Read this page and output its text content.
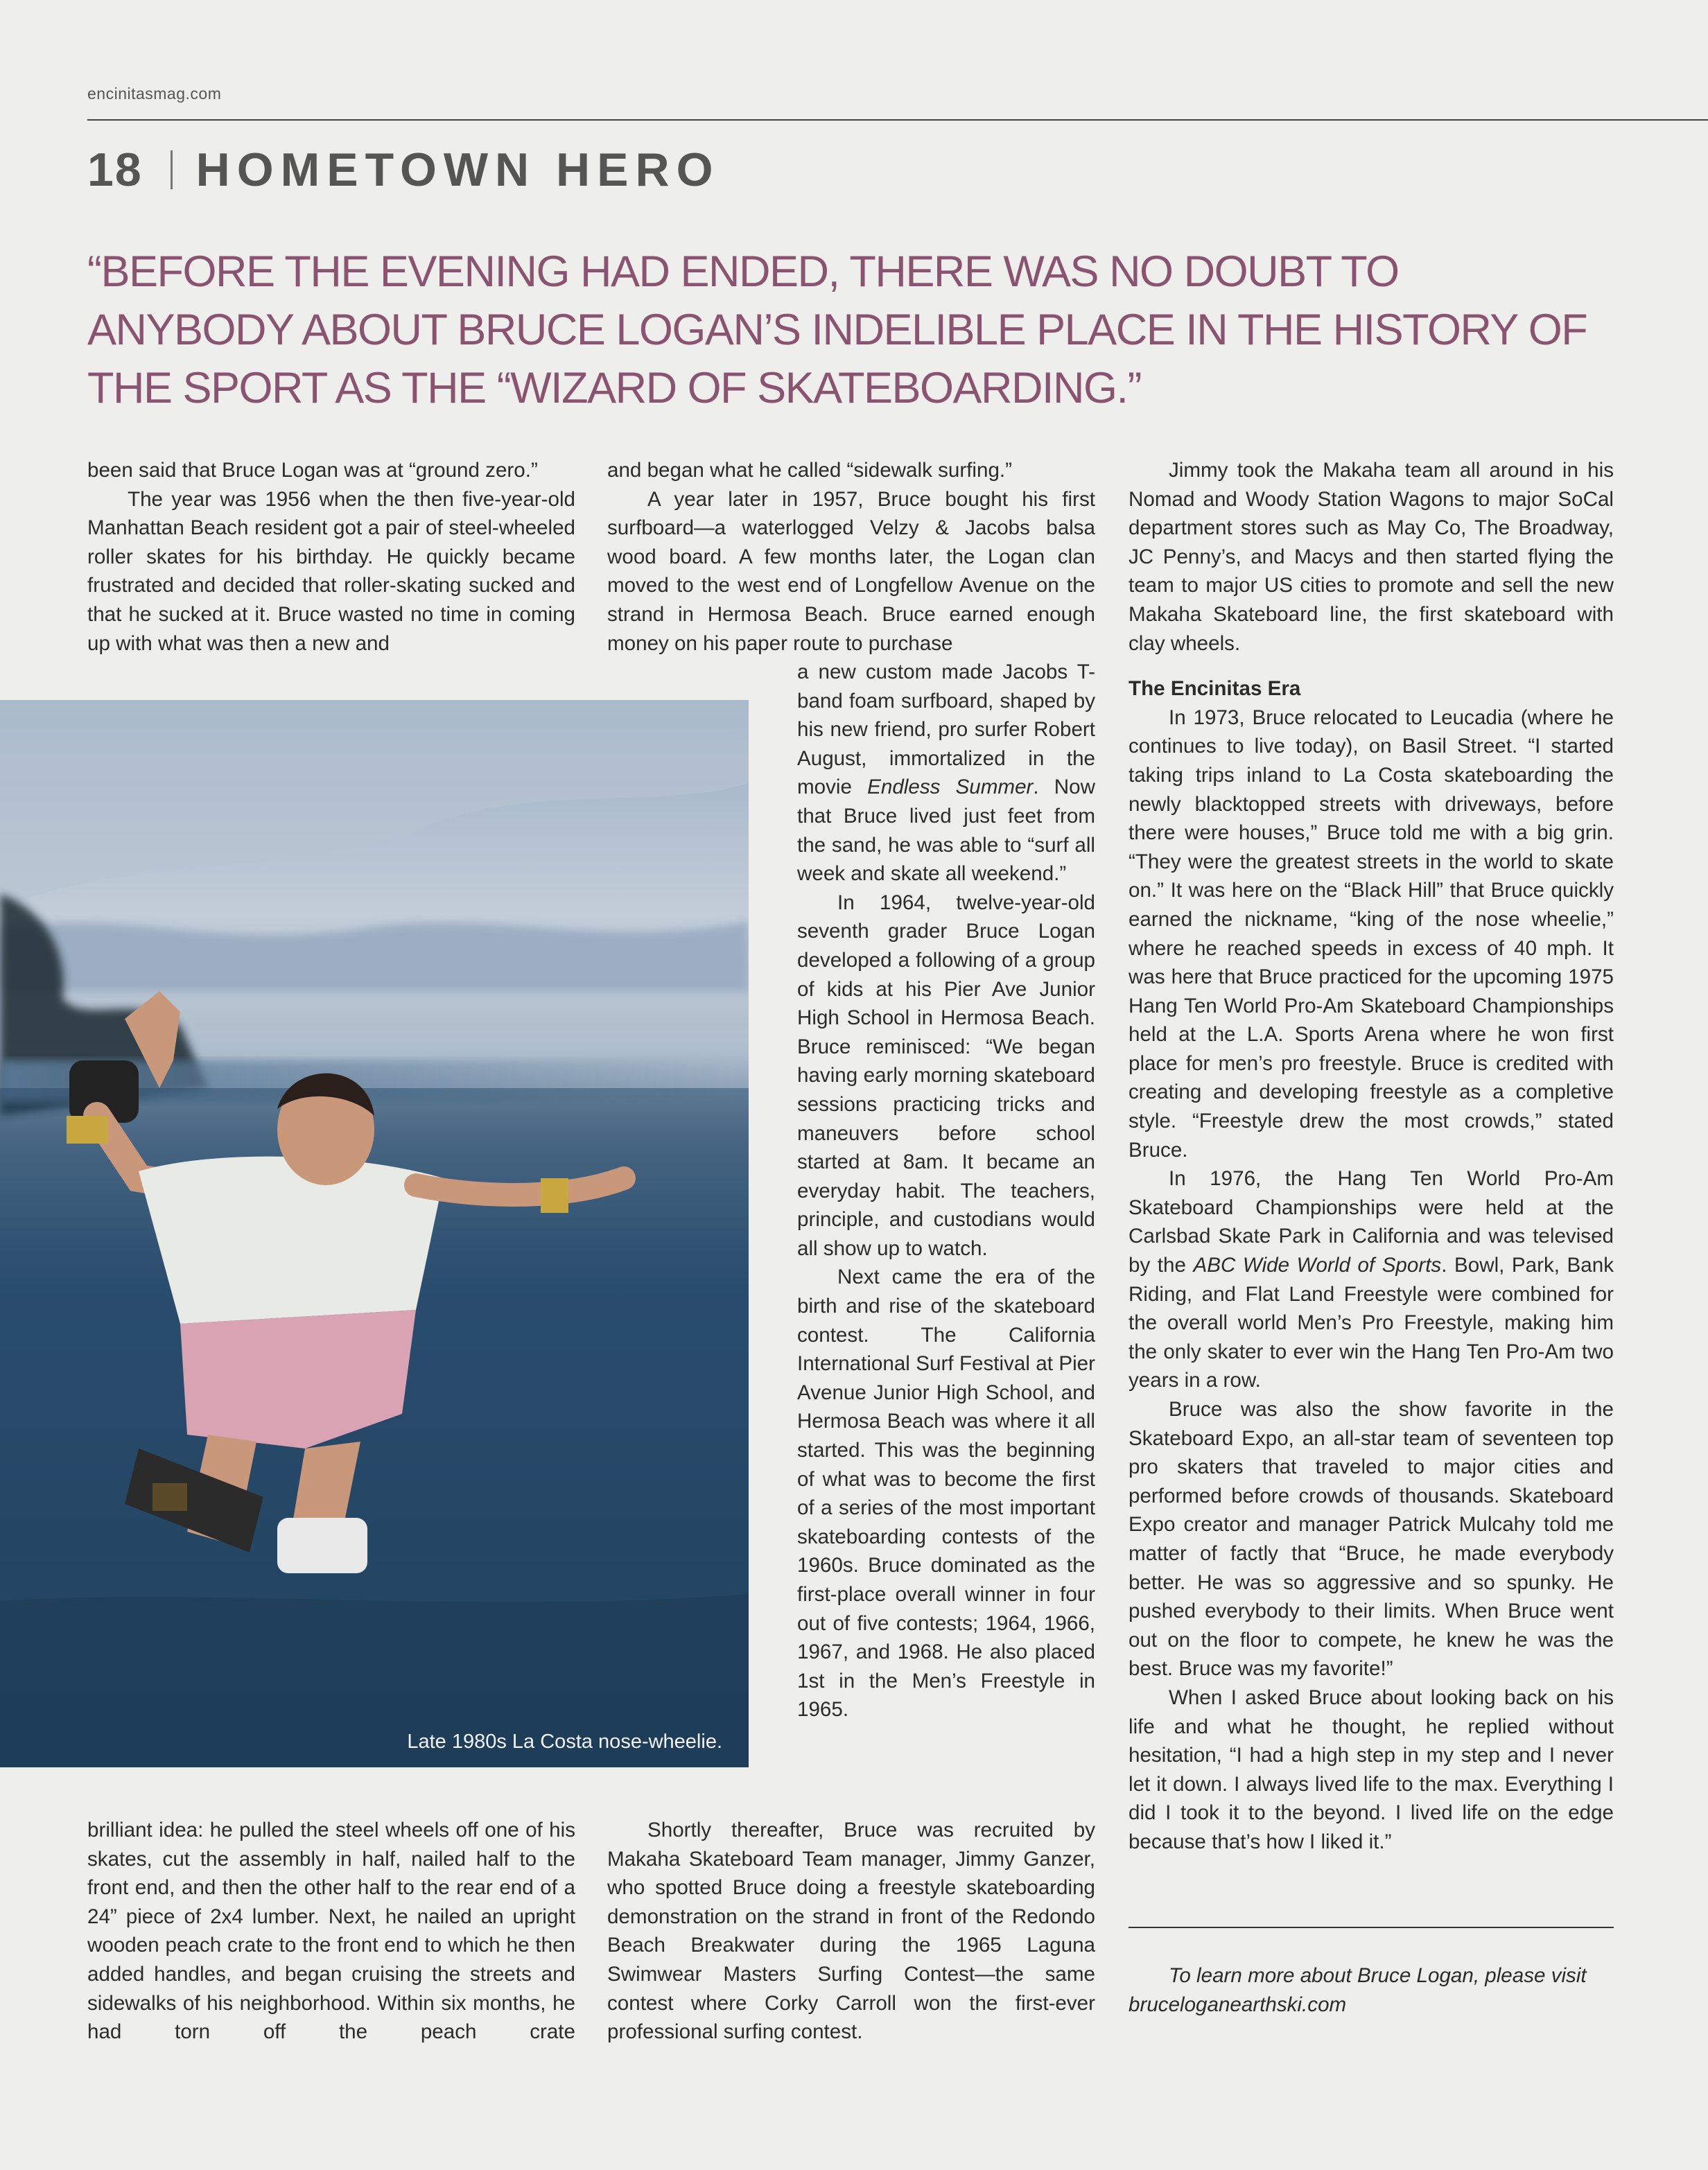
encinitasmag.com
18 HOMETOWN HERO
“BEFORE THE EVENING HAD ENDED, THERE WAS NO DOUBT TO ANYBODY ABOUT BRUCE LOGAN’S INDELIBLE PLACE IN THE HISTORY OF THE SPORT AS THE “WIZARD OF SKATEBOARDING.”

been said that Bruce Logan was at “ground zero.”

The year was 1956 when the then five-year-old Manhattan Beach resident got a pair of steel-wheeled roller skates for his birthday. He quickly became frustrated and decided that roller-skating sucked and that he sucked at it. Bruce wasted no time in coming up with what was then a new and

and began what he called “sidewalk surfing.”

A year later in 1957, Bruce bought his first surfboard—a waterlogged Velzy & Jacobs balsa wood board. A few months later, the Logan clan moved to the west end of Longfellow Avenue on the strand in Hermosa Beach. Bruce earned enough money on his paper route to purchase

Late 1980s La Costa nose-wheelie.

a new custom made Jacobs T-band foam surfboard, shaped by his new friend, pro surfer Robert August, immortalized in the movie Endless Summer. Now that Bruce lived just feet from the sand, he was able to “surf all week and skate all weekend.”

In 1964, twelve-year-old seventh grader Bruce Logan developed a following of a group of kids at his Pier Ave Junior High School in Hermosa Beach. Bruce reminisced: “We began having early morning skateboard sessions practicing tricks and maneuvers before school started at 8am. It became an everyday habit. The teachers, principle, and custodians would all show up to watch.

Next came the era of the birth and rise of the skateboard contest. The California International Surf Festival at Pier Avenue Junior High School, and Hermosa Beach was where it all started. This was the beginning of what was to become the first of a series of the most important skateboarding contests of the 1960s. Bruce dominated as the first-place overall winner in four out of five contests; 1964, 1966, 1967, and 1968. He also placed 1st in the Men’s Freestyle in 1965.

brilliant idea: he pulled the steel wheels off one of his skates, cut the assembly in half, nailed half to the front end, and then the other half to the rear end of a 24” piece of 2x4 lumber. Next, he nailed an upright wooden peach crate to the front end to which he then added handles, and began cruising the streets and sidewalks of his neighborhood. Within six months, he had torn off the peach crate

Shortly thereafter, Bruce was recruited by Makaha Skateboard Team manager, Jimmy Ganzer, who spotted Bruce doing a freestyle skateboarding demonstration on the strand in front of the Redondo Beach Breakwater during the 1965 Laguna Swimwear Masters Surfing Contest—the same contest where Corky Carroll won the first-ever professional surfing contest.

Jimmy took the Makaha team all around in his Nomad and Woody Station Wagons to major SoCal department stores such as May Co, The Broadway, JC Penny’s, and Macys and then started flying the team to major US cities to promote and sell the new Makaha Skateboard line, the first skateboard with clay wheels.

The Encinitas Era

In 1973, Bruce relocated to Leucadia (where he continues to live today), on Basil Street. “I started taking trips inland to La Costa skateboarding the newly blacktopped streets with driveways, before there were houses,” Bruce told me with a big grin. “They were the greatest streets in the world to skate on.” It was here on the “Black Hill” that Bruce quickly earned the nickname, “king of the nose wheelie,” where he reached speeds in excess of 40 mph. It was here that Bruce practiced for the upcoming 1975 Hang Ten World Pro-Am Skateboard Championships held at the L.A. Sports Arena where he won first place for men’s pro freestyle. Bruce is credited with creating and developing freestyle as a completive style. “Freestyle drew the most crowds,” stated Bruce.

In 1976, the Hang Ten World Pro-Am Skateboard Championships were held at the Carlsbad Skate Park in California and was televised by the ABC Wide World of Sports. Bowl, Park, Bank Riding, and Flat Land Freestyle were combined for the overall world Men’s Pro Freestyle, making him the only skater to ever win the Hang Ten Pro-Am two years in a row.

Bruce was also the show favorite in the Skateboard Expo, an all-star team of seventeen top pro skaters that traveled to major cities and performed before crowds of thousands. Skateboard Expo creator and manager Patrick Mulcahy told me matter of factly that “Bruce, he made everybody better. He was so aggressive and so spunky. He pushed everybody to their limits. When Bruce went out on the floor to compete, he knew he was the best. Bruce was my favorite!”

When I asked Bruce about looking back on his life and what he thought, he replied without hesitation, “I had a high step in my step and I never let it down. I always lived life to the max. Everything I did I took it to the beyond. I lived life on the edge because that’s how I liked it.”

To learn more about Bruce Logan, please visit
bruceloganearthski.com
